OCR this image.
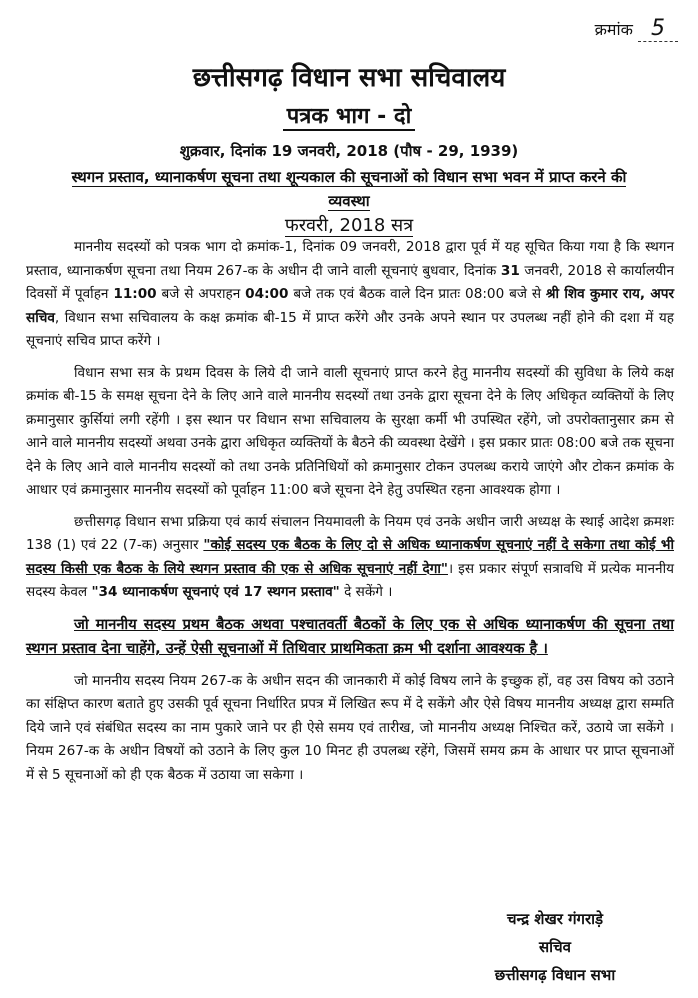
क्रमांक 5
छत्तीसगढ़ विधान सभा सचिवालय
पत्रक भाग - दो
शुक्रवार, दिनांक 19 जनवरी, 2018 (पौष - 29, 1939)
स्थगन प्रस्ताव, ध्यानाकर्षण सूचना तथा शून्यकाल की सूचनाओं को विधान सभा भवन में प्राप्त करने की व्यवस्था
फरवरी, 2018 सत्र

माननीय सदस्यों को पत्रक भाग दो क्रमांक-1, दिनांक 09 जनवरी, 2018 द्वारा पूर्व में यह सूचित किया गया है कि स्थगन प्रस्ताव, ध्यानाकर्षण सूचना तथा नियम 267-क के अधीन दी जाने वाली सूचनाएं बुधवार, दिनांक 31 जनवरी, 2018 से कार्यालयीन दिवसों में पूर्वाहन 11:00 बजे से अपराहन 04:00 बजे तक एवं बैठक वाले दिन प्रातः 08:00 बजे से श्री शिव कुमार राय, अपर सचिव, विधान सभा सचिवालय के कक्ष क्रमांक बी-15 में प्राप्त करेंगे और उनके अपने स्थान पर उपलब्ध नहीं होने की दशा में यह सूचनाएं सचिव प्राप्त करेंगे ।

विधान सभा सत्र के प्रथम दिवस के लिये दी जाने वाली सूचनाएं प्राप्त करने हेतु माननीय सदस्यों की सुविधा के लिये कक्ष क्रमांक बी-15 के समक्ष सूचना देने के लिए आने वाले माननीय सदस्यों तथा उनके द्वारा सूचना देने के लिए अधिकृत व्यक्तियों के लिए क्रमानुसार कुर्सियां लगी रहेंगी । इस स्थान पर विधान सभा सचिवालय के सुरक्षा कर्मी भी उपस्थित रहेंगे, जो उपरोक्तानुसार क्रम से आने वाले माननीय सदस्यों अथवा उनके द्वारा अधिकृत व्यक्तियों के बैठने की व्यवस्था देखेंगे । इस प्रकार प्रातः 08:00 बजे तक सूचना देने के लिए आने वाले माननीय सदस्यों को तथा उनके प्रतिनिधियों को क्रमानुसार टोकन उपलब्ध कराये जाएंगे और टोकन क्रमांक के आधार एवं क्रमानुसार माननीय सदस्यों को पूर्वाहन 11:00 बजे सूचना देने हेतु उपस्थित रहना आवश्यक होगा ।

छत्तीसगढ़ विधान सभा प्रक्रिया एवं कार्य संचालन नियमावली के नियम एवं उनके अधीन जारी अध्यक्ष के स्थाई आदेश क्रमशः 138 (1) एवं 22 (7-क) अनुसार "कोई सदस्य एक बैठक के लिए दो से अधिक ध्यानाकर्षण सूचनाएं नहीं दे सकेगा तथा कोई भी सदस्य किसी एक बैठक के लिये स्थगन प्रस्ताव की एक से अधिक सूचनाएं नहीं देगा"। इस प्रकार संपूर्ण सत्रावधि में प्रत्येक माननीय सदस्य केवल "34 ध्यानाकर्षण सूचनाएं एवं 17 स्थगन प्रस्ताव" दे सकेंगे ।

जो माननीय सदस्य प्रथम बैठक अथवा पश्चातवर्ती बैठकों के लिए एक से अधिक ध्यानाकर्षण की सूचना तथा स्थगन प्रस्ताव देना चाहेंगे, उन्हें ऐसी सूचनाओं में तिथिवार प्राथमिकता क्रम भी दर्शाना आवश्यक है ।

जो माननीय सदस्य नियम 267-क के अधीन सदन की जानकारी में कोई विषय लाने के इच्छुक हों, वह उस विषय को उठाने का संक्षिप्त कारण बताते हुए उसकी पूर्व सूचना निर्धारित प्रपत्र में लिखित रूप में दे सकेंगे और ऐसे विषय माननीय अध्यक्ष द्वारा सम्मति दिये जाने एवं संबंधित सदस्य का नाम पुकारे जाने पर ही ऐसे समय एवं तारीख, जो माननीय अध्यक्ष निश्चित करें, उठाये जा सकेंगे । नियम 267-क के अधीन विषयों को उठाने के लिए कुल 10 मिनट ही उपलब्ध रहेंगे, जिसमें समय क्रम के आधार पर प्राप्त सूचनाओं में से 5 सूचनाओं को ही एक बैठक में उठाया जा सकेगा ।

चन्द्र शेखर गंगराड़े
सचिव
छत्तीसगढ़ विधान सभा
